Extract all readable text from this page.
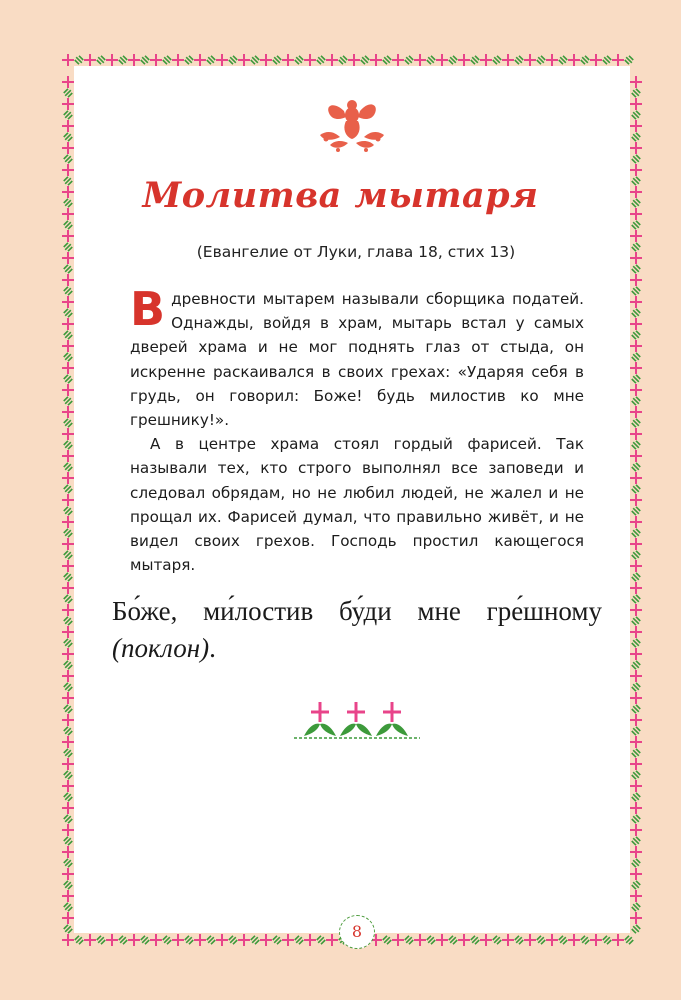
Молитва мытаря
(Евангелие от Луки, глава 18, стих 13)

Вдревности мытарем называли сборщика податей. Однажды, войдя в храм, мытарь встал у самых дверей храма и не мог поднять глаз от стыда, он искренне раскаивался в своих грехах: «Ударяя себя в грудь, он говорил: Боже! будь милостив ко мне грешнику!».

А в центре храма стоял гордый фарисей. Так называли тех, кто строго выполнял все заповеди и следовал обрядам, но не любил людей, не жалел и не прощал их. Фарисей думал, что правильно живёт, и не видел своих грехов. Господь простил кающегося мытаря.

Бо́же, ми́лостив бу́ди мне гре́шному

(поклон).

8
